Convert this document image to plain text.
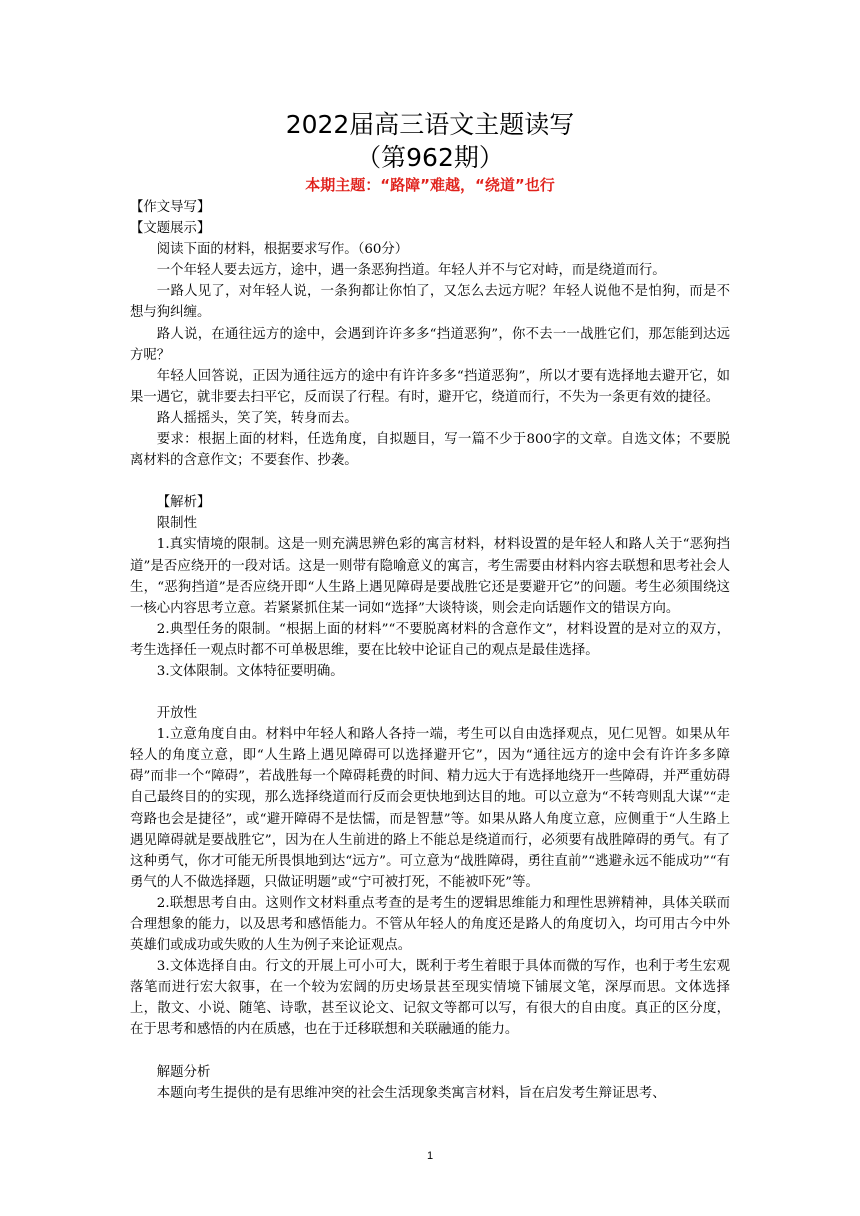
2022届高三语文主题读写

（第962期）

本期主题：“路障”难越，“绕道”也行

【作文导写】

【文题展示】

阅读下面的材料，根据要求写作。（60分）

一个年轻人要去远方，途中，遇一条恶狗挡道。年轻人并不与它对峙，而是绕道而行。

一路人见了，对年轻人说，一条狗都让你怕了，又怎么去远方呢？年轻人说他不是怕狗，而是不想与狗纠缠。

路人说，在通往远方的途中，会遇到许许多多“挡道恶狗”，你不去一一战胜它们，那怎能到达远方呢？

年轻人回答说，正因为通往远方的途中有许许多多“挡道恶狗”，所以才要有选择地去避开它，如果一遇它，就非要去扫平它，反而误了行程。有时，避开它，绕道而行，不失为一条更有效的捷径。

路人摇摇头，笑了笑，转身而去。

要求：根据上面的材料，任选角度，自拟题目，写一篇不少于800字的文章。自选文体；不要脱离材料的含意作文；不要套作、抄袭。

【解析】

限制性

1.真实情境的限制。这是一则充满思辨色彩的寓言材料，材料设置的是年轻人和路人关于“恶狗挡道”是否应绕开的一段对话。这是一则带有隐喻意义的寓言，考生需要由材料内容去联想和思考社会人生，“恶狗挡道”是否应绕开即“人生路上遇见障碍是要战胜它还是要避开它”的问题。考生必须围绕这一核心内容思考立意。若紧紧抓住某一词如“选择”大谈特谈，则会走向话题作文的错误方向。

2.典型任务的限制。“根据上面的材料”“不要脱离材料的含意作文”，材料设置的是对立的双方，考生选择任一观点时都不可单极思维，要在比较中论证自己的观点是最佳选择。

3.文体限制。文体特征要明确。

开放性

1.立意角度自由。材料中年轻人和路人各持一端，考生可以自由选择观点，见仁见智。如果从年轻人的角度立意，即“人生路上遇见障碍可以选择避开它”，因为“通往远方的途中会有许许多多障碍”而非一个“障碍”，若战胜每一个障碍耗费的时间、精力远大于有选择地绕开一些障碍，并严重妨碍自己最终目的的实现，那么选择绕道而行反而会更快地到达目的地。可以立意为“不转弯则乱大谋”“走弯路也会是捷径”，或“避开障碍不是怯懦，而是智慧”等。如果从路人角度立意，应侧重于“人生路上遇见障碍就是要战胜它”，因为在人生前进的路上不能总是绕道而行，必须要有战胜障碍的勇气。有了这种勇气，你才可能无所畏惧地到达“远方”。可立意为“战胜障碍，勇往直前”“逃避永远不能成功”“有勇气的人不做选择题，只做证明题”或“宁可被打死，不能被吓死”等。

2.联想思考自由。这则作文材料重点考查的是考生的逻辑思维能力和理性思辨精神，具体关联而合理想象的能力，以及思考和感悟能力。不管从年轻人的角度还是路人的角度切入，均可用古今中外英雄们或成功或失败的人生为例子来论证观点。

3.文体选择自由。行文的开展上可小可大，既利于考生着眼于具体而微的写作，也利于考生宏观落笔而进行宏大叙事，在一个较为宏阔的历史场景甚至现实情境下铺展文笔，深厚而思。文体选择上，散文、小说、随笔、诗歌，甚至议论文、记叙文等都可以写，有很大的自由度。真正的区分度，在于思考和感悟的内在质感，也在于迁移联想和关联融通的能力。

解题分析

本题向考生提供的是有思维冲突的社会生活现象类寓言材料，旨在启发考生辩证思考、

1
